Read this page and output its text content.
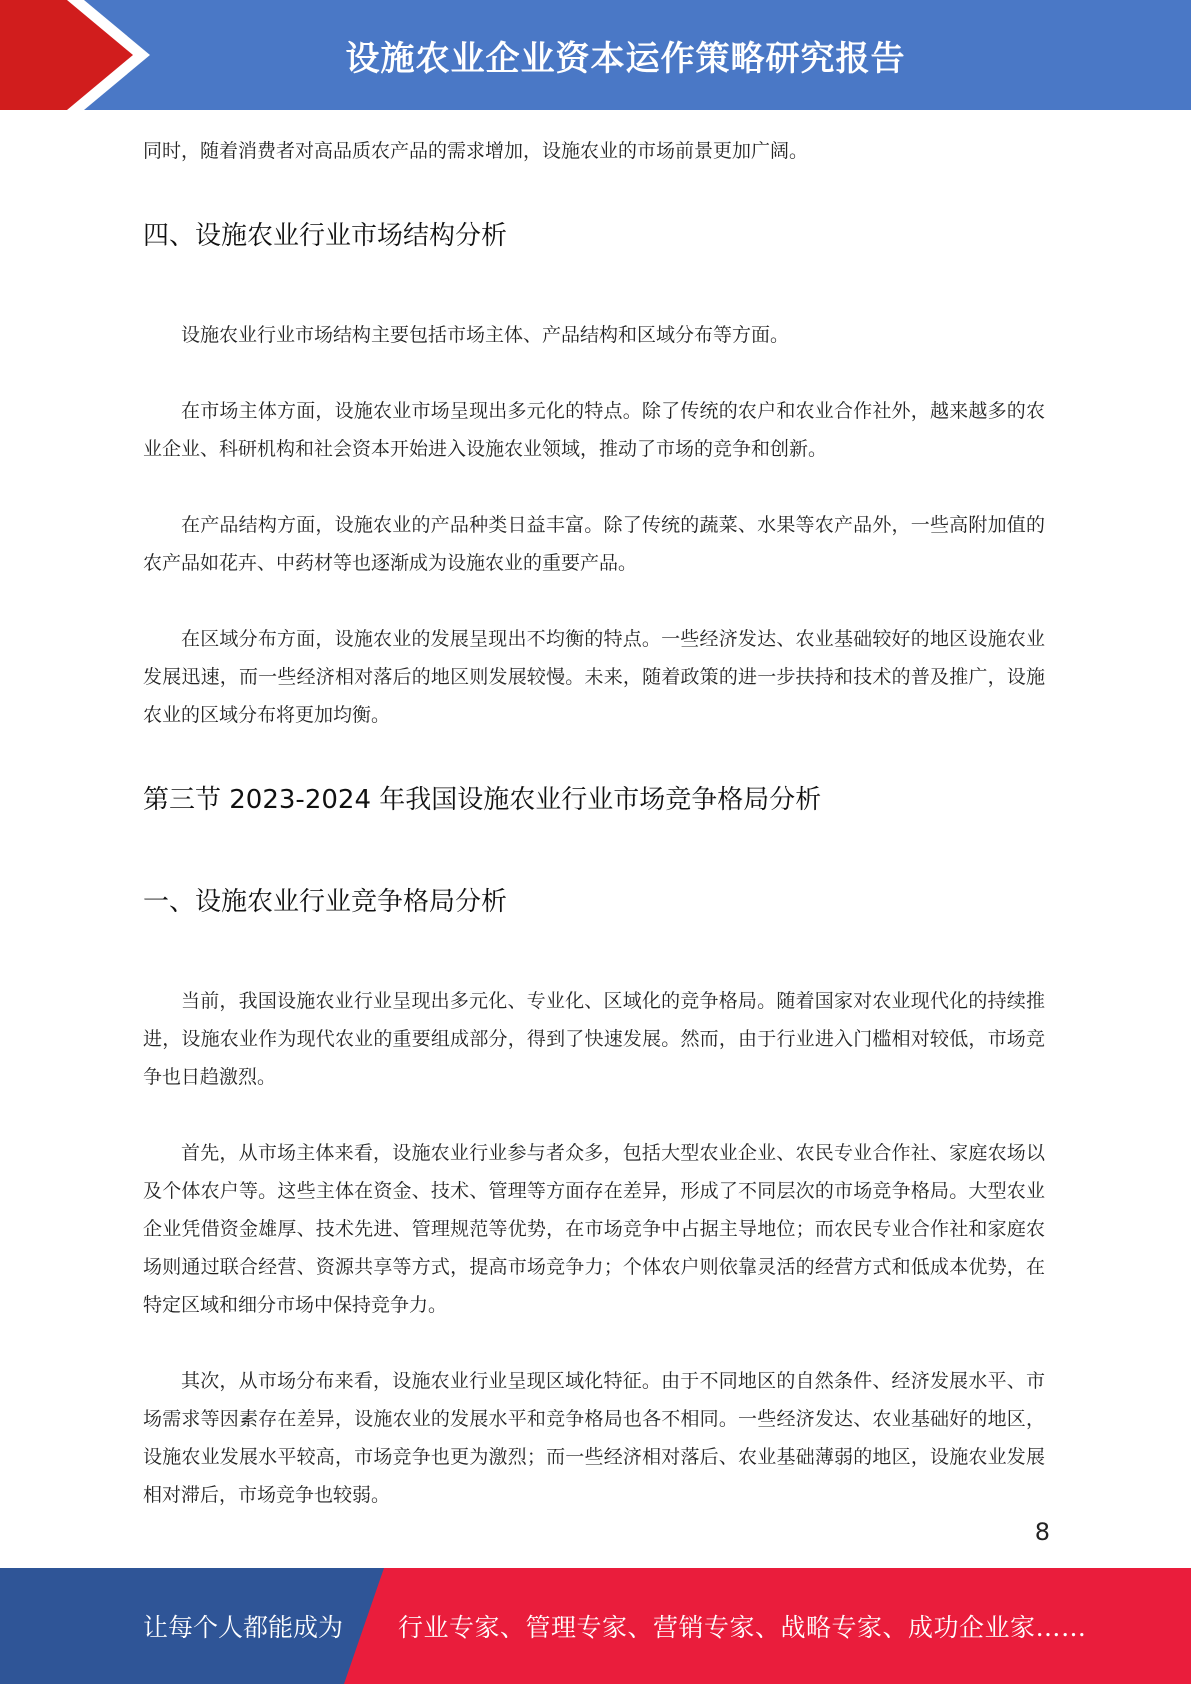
设施农业企业资本运作策略研究报告

同时，随着消费者对高品质农产品的需求增加，设施农业的市场前景更加广阔。

四、设施农业行业市场结构分析

设施农业行业市场结构主要包括市场主体、产品结构和区域分布等方面。

在市场主体方面，设施农业市场呈现出多元化的特点。除了传统的农户和农业合作社外，越来越多的农业企业、科研机构和社会资本开始进入设施农业领域，推动了市场的竞争和创新。

在产品结构方面，设施农业的产品种类日益丰富。除了传统的蔬菜、水果等农产品外，一些高附加值的农产品如花卉、中药材等也逐渐成为设施农业的重要产品。

在区域分布方面，设施农业的发展呈现出不均衡的特点。一些经济发达、农业基础较好的地区设施农业发展迅速，而一些经济相对落后的地区则发展较慢。未来，随着政策的进一步扶持和技术的普及推广，设施农业的区域分布将更加均衡。

第三节 2023-2024 年我国设施农业行业市场竞争格局分析
一、设施农业行业竞争格局分析

当前，我国设施农业行业呈现出多元化、专业化、区域化的竞争格局。随着国家对农业现代化的持续推进，设施农业作为现代农业的重要组成部分，得到了快速发展。然而，由于行业进入门槛相对较低，市场竞争也日趋激烈。

首先，从市场主体来看，设施农业行业参与者众多，包括大型农业企业、农民专业合作社、家庭农场以及个体农户等。这些主体在资金、技术、管理等方面存在差异，形成了不同层次的市场竞争格局。大型农业企业凭借资金雄厚、技术先进、管理规范等优势，在市场竞争中占据主导地位；而农民专业合作社和家庭农场则通过联合经营、资源共享等方式，提高市场竞争力；个体农户则依靠灵活的经营方式和低成本优势，在特定区域和细分市场中保持竞争力。

其次，从市场分布来看，设施农业行业呈现区域化特征。由于不同地区的自然条件、经济发展水平、市场需求等因素存在差异，设施农业的发展水平和竞争格局也各不相同。一些经济发达、农业基础好的地区，设施农业发展水平较高，市场竞争也更为激烈；而一些经济相对落后、农业基础薄弱的地区，设施农业发展相对滞后，市场竞争也较弱。

8
让每个人都能成为 行业专家、管理专家、营销专家、战略专家、成功企业家……
